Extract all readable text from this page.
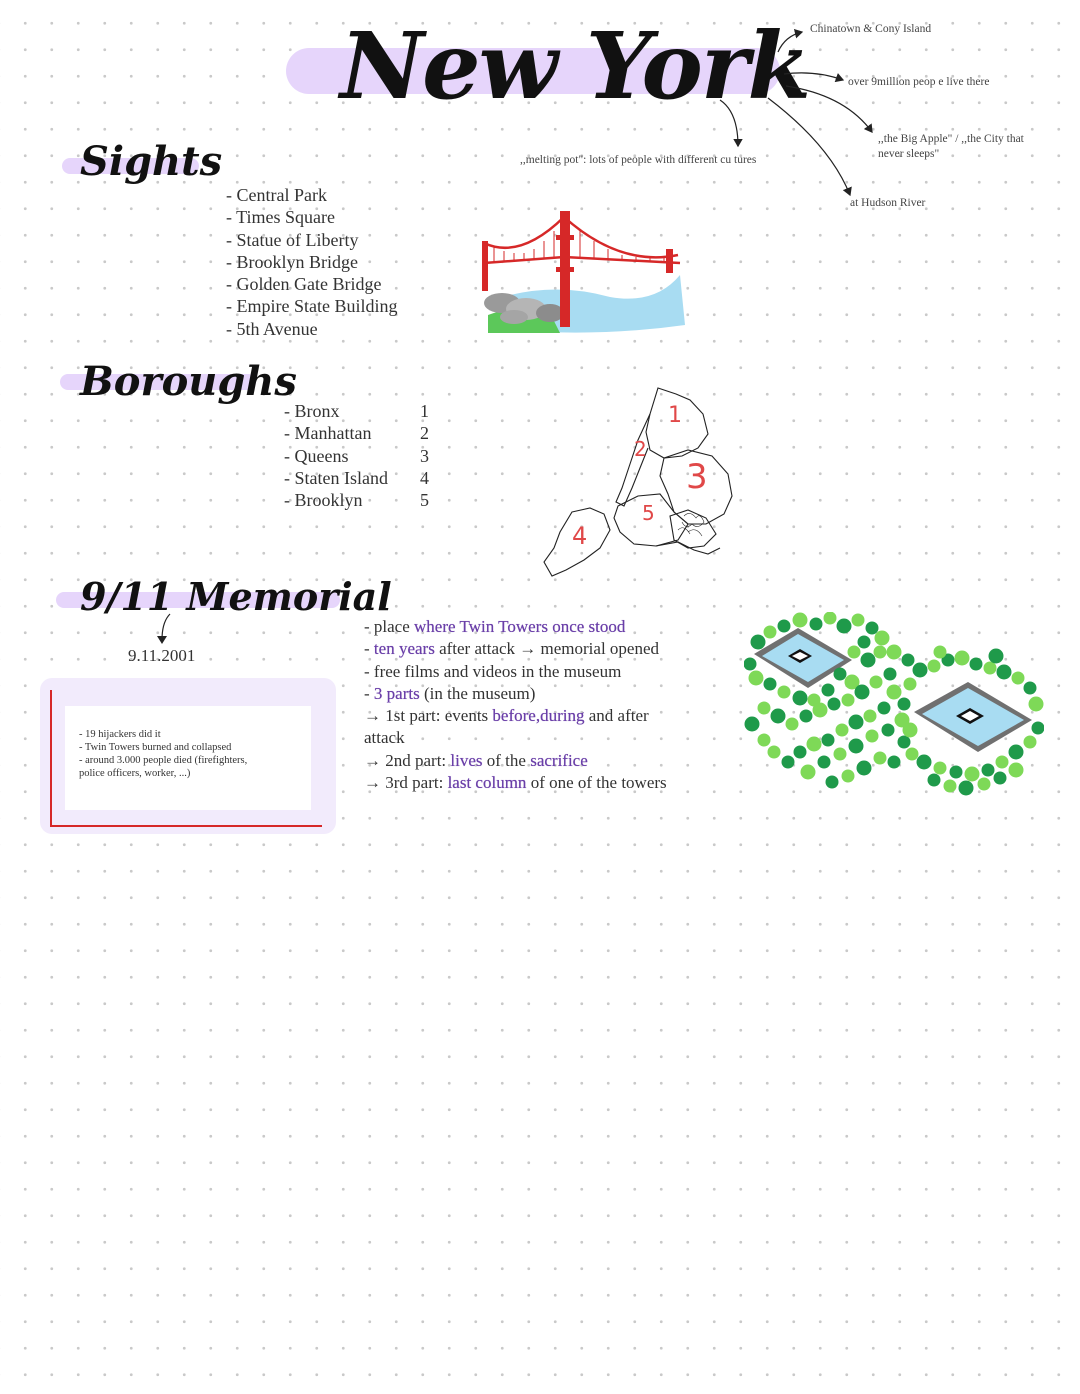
New York Chinatown & Cony Island
over 9million peop e live there
,,the Big Apple" / ,,the City that
never sleeps"
,,melting pot": lots of people with different cu tures
at Hudson River
Sights
- Central Park
- Times Square
- Statue of Liberty
- Brooklyn Bridge
- Golden Gate Bridge
- Empire State Building
- 5th Avenue
Boroughs
- Bronx	1
- Manhattan	2
- Queens	3
- Staten Island	4
- Brooklyn	5
1
2
3
4
5
9/11 Memorial
9.11.2001

- 19 hijackers did it

- Twin Towers burned and collapsed

- around 3.000 people died (firefighters,

police officers, worker, ...)

- place where Twin Towers once stood
- ten years after attack → memorial opened
- free films and videos in the museum
- 3 parts (in the museum)
→ 1st part: events before,during and after
attack
→ 2nd part: lives of the sacrifice
→ 3rd part: last column of one of the towers
